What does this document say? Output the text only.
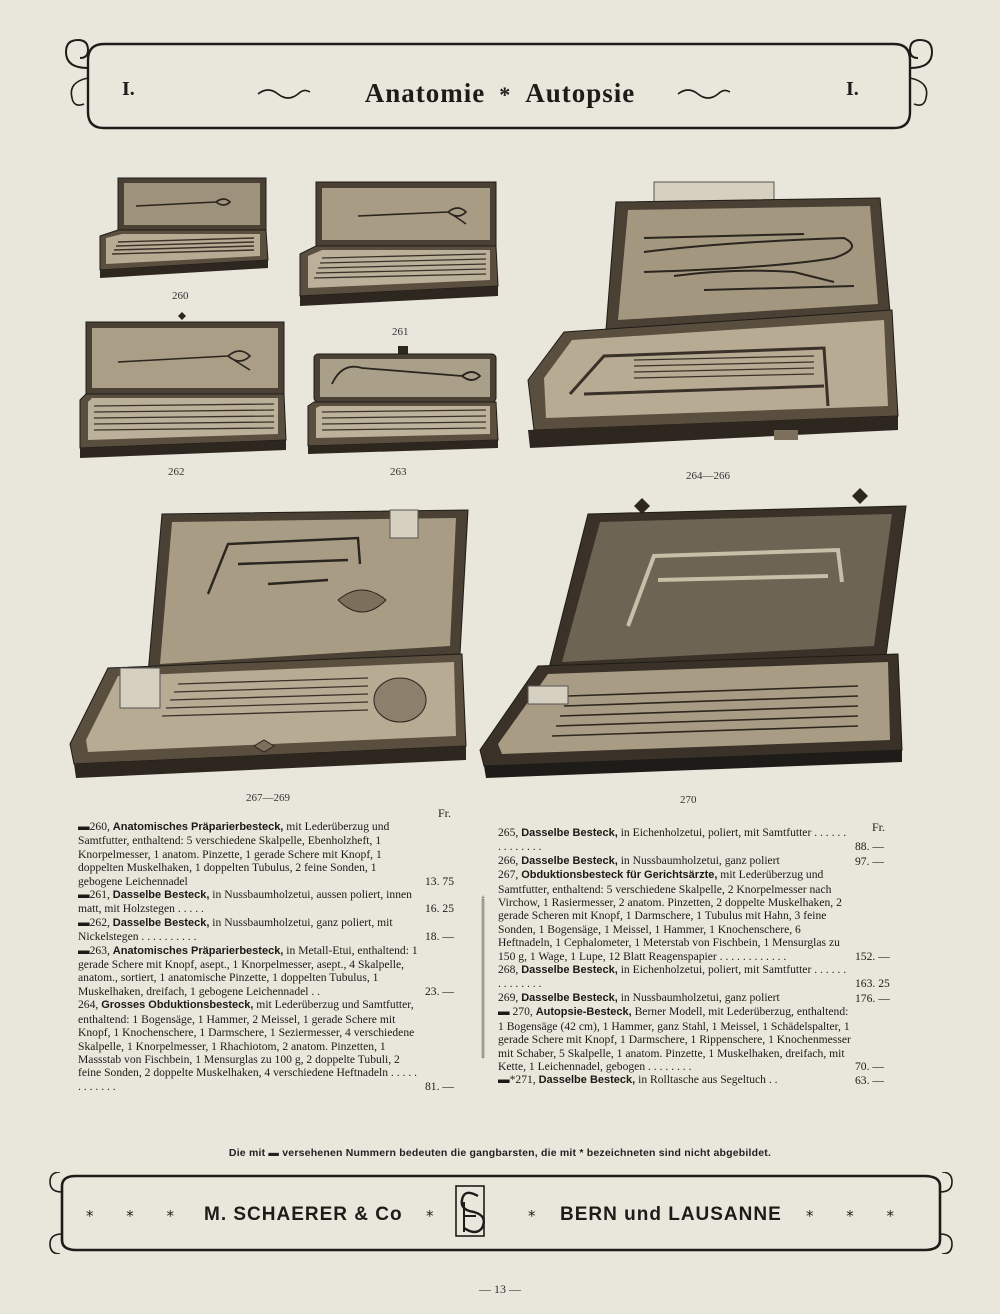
I.	I.
Anatomie * Autopsie
260
261
262	263	264—266
267—269	270
Fr.
Fr.
▬260, Anatomisches Präparierbesteck, mit Lederüberzug und Samtfutter, enthaltend: 5 verschiedene Skalpelle, Ebenholzheft, 1 Knorpelmesser, 1 anatom. Pinzette, 1 gerade Schere mit Knopf, 1 doppelten Muskelhaken, 1 doppelten Tubulus, 2 feine Sonden, 1 gebogene Leichennadel	13. 75
▬261, Dasselbe Besteck, in Nussbaumholzetui, aussen poliert, innen matt, mit Holzstegen . . . . .	16. 25
▬262, Dasselbe Besteck, in Nussbaumholzetui, ganz poliert, mit Nickelstegen . . . . . . . . . .	18. —
▬263, Anatomisches Präparierbesteck, in Metall-Etui, enthaltend: 1 gerade Schere mit Knopf, asept., 1 Knorpelmesser, asept., 4 Skalpelle, anatom., sortiert, 1 anatomische Pinzette, 1 doppelten Tubulus, 1 Muskelhaken, dreifach, 1 gebogene Leichennadel . .	23. —
264, Grosses Obduktionsbesteck, mit Lederüberzug und Samtfutter, enthaltend: 1 Bogensäge, 1 Hammer, 2 Meissel, 1 gerade Schere mit Knopf, 1 Knochenschere, 1 Darmschere, 1 Seziermesser, 4 verschiedene Skalpelle, 1 Knorpelmesser, 1 Rhachiotom, 2 anatom. Pinzetten, 1 Massstab von Fischbein, 1 Mensurglas zu 100 g, 2 doppelte Tubuli, 2 feine Sonden, 2 doppelte Muskelhaken, 4 verschiedene Heftnadeln . . . . . . . . . . . .	81. —
265, Dasselbe Besteck, in Eichenholzetui, poliert, mit Samtfutter . . . . . . . . . . . . . .	88. —
266, Dasselbe Besteck, in Nussbaumholzetui, ganz poliert	97. —
267, Obduktionsbesteck für Gerichtsärzte, mit Lederüberzug und Samtfutter, enthaltend: 5 verschiedene Skalpelle, 2 Knorpelmesser nach Virchow, 1 Rasiermesser, 2 anatom. Pinzetten, 2 doppelte Muskelhaken, 2 gerade Scheren mit Knopf, 1 Darmschere, 1 Tubulus mit Hahn, 3 feine Sonden, 1 Bogensäge, 1 Meissel, 1 Hammer, 1 Knochenschere, 6 Heftnadeln, 1 Cephalometer, 1 Meterstab von Fischbein, 1 Mensurglas zu 150 g, 1 Wage, 1 Lupe, 12 Blatt Reagenspapier . . . . . . . . . . . .	152. —
268, Dasselbe Besteck, in Eichenholzetui, poliert, mit Samtfutter . . . . . . . . . . . . . .	163. 25
269, Dasselbe Besteck, in Nussbaumholzetui, ganz poliert	176. —
▬ 270, Autopsie-Besteck, Berner Modell, mit Lederüberzug, enthaltend: 1 Bogensäge (42 cm), 1 Hammer, ganz Stahl, 1 Meissel, 1 Schädelspalter, 1 gerade Schere mit Knopf, 1 Darmschere, 1 Rippenschere, 1 Knochenmesser mit Schaber, 5 Skalpelle, 1 anatom. Pinzette, 1 Muskelhaken, dreifach, mit Kette, 1 Leichennadel, gebogen . . . . . . . .	70. —
▬*271, Dasselbe Besteck, in Rolltasche aus Segeltuch . .	63. —
Die mit ▬ versehenen Nummern bedeuten die gangbarsten, die mit * bezeichneten sind nicht abgebildet.
* * * M. SCHAERER & Co *	* BERN und LAUSANNE * * *
— 13 —
